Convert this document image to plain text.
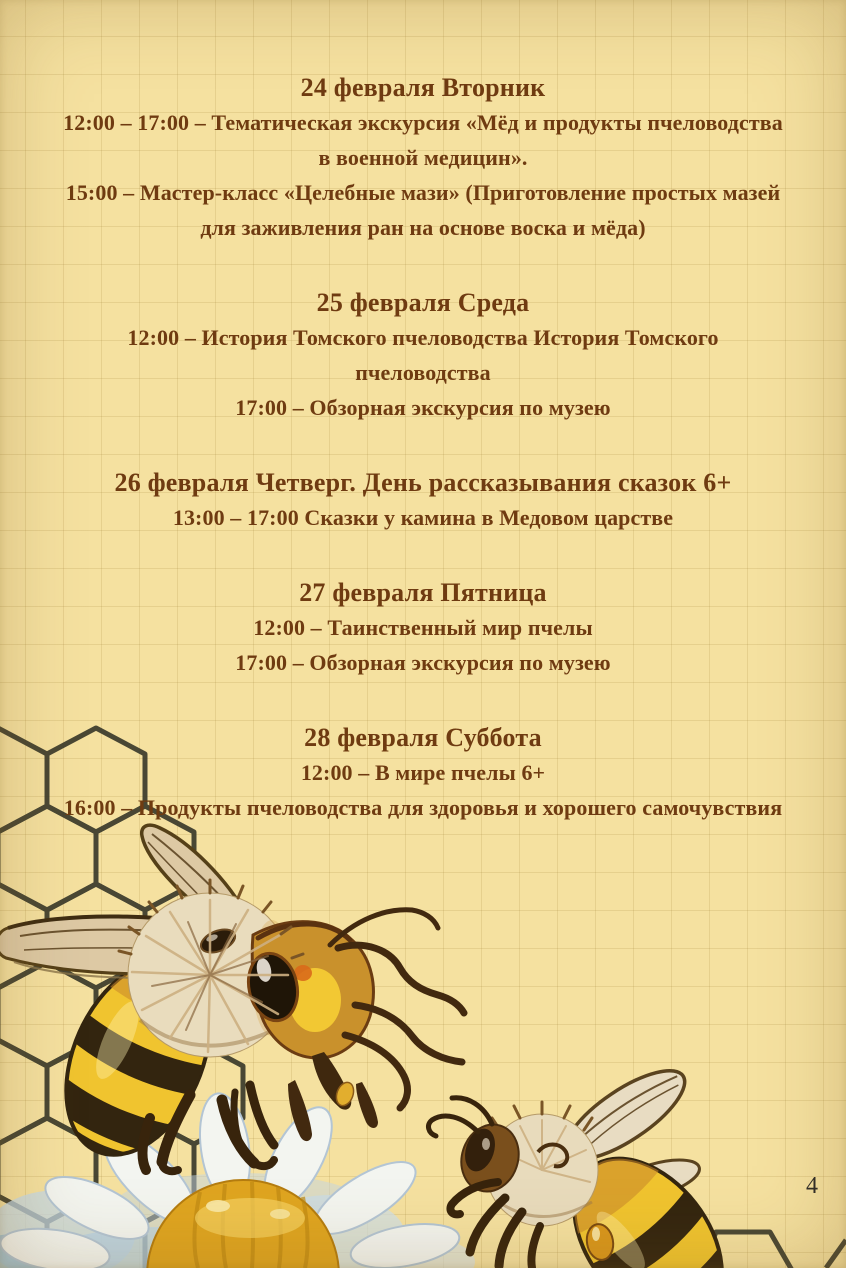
24 февраля Вторник

12:00 – 17:00 – Тематическая экскурсия «Мёд и продукты пчеловодства

в военной медицин».

15:00 – Мастер-класс «Целебные мази» (Приготовление простых мазей

для заживления ран на основе воска и мёда)

25 февраля Среда

12:00 – История Томского пчеловодства История Томского

пчеловодства

17:00 – Обзорная экскурсия по музею

26 февраля Четверг. День рассказывания сказок 6+

13:00 – 17:00 Сказки у камина в Медовом царстве

27 февраля Пятница

12:00 – Таинственный мир пчелы

17:00 – Обзорная экскурсия по музею

28 февраля Суббота

12:00 – В мире пчелы 6+

16:00 – Продукты пчеловодства для здоровья и хорошего самочувствия

4
